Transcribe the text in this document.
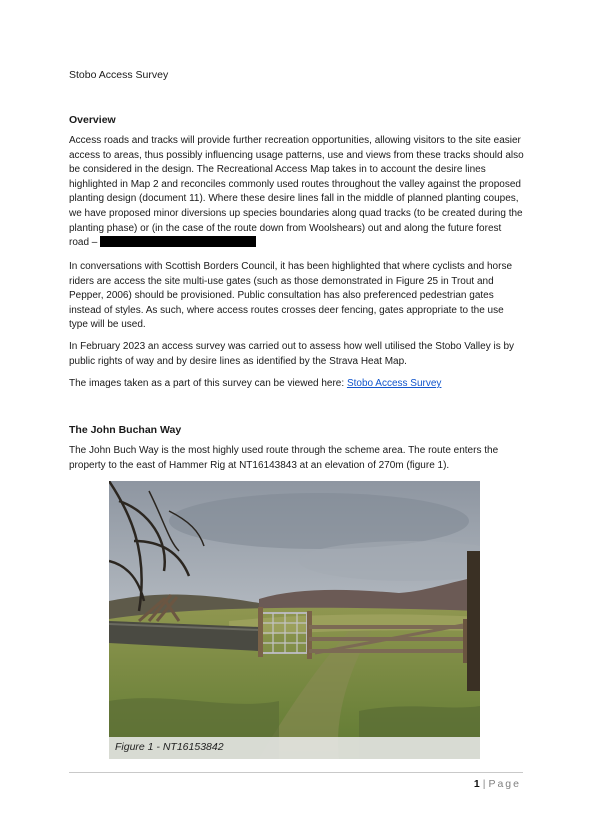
Stobo Access Survey
Overview

Access roads and tracks will provide further recreation opportunities, allowing visitors to the site easier access to areas, thus possibly influencing usage patterns, use and views from these tracks should also be considered in the design. The Recreational Access Map takes in to account the desire lines highlighted in Map 2 and reconciles commonly used routes throughout the valley against the proposed planting design (document 11). Where these desire lines fall in the middle of planned planting coupes, we have proposed minor diversions up species boundaries along quad tracks (to be created during the planting phase) or (in the case of the route down from Woolshears) out and along the future forest road –

In conversations with Scottish Borders Council, it has been highlighted that where cyclists and horse riders are access the site multi-use gates (such as those demonstrated in Figure 25 in Trout and Pepper, 2006) should be provisioned. Public consultation has also preferenced pedestrian gates instead of styles. As such, where access routes crosses deer fencing, gates appropriate to the use type will be used.

In February 2023 an access survey was carried out to assess how well utilised the Stobo Valley is by public rights of way and by desire lines as identified by the Strava Heat Map.

The images taken as a part of this survey can be viewed here: Stobo Access Survey

The John Buchan Way

The John Buch Way is the most highly used route through the scheme area. The route enters the property to the east of Hammer Rig at NT16143843 at an elevation of 270m (figure 1).

Figure 1 - NT16153842
1 | Page
